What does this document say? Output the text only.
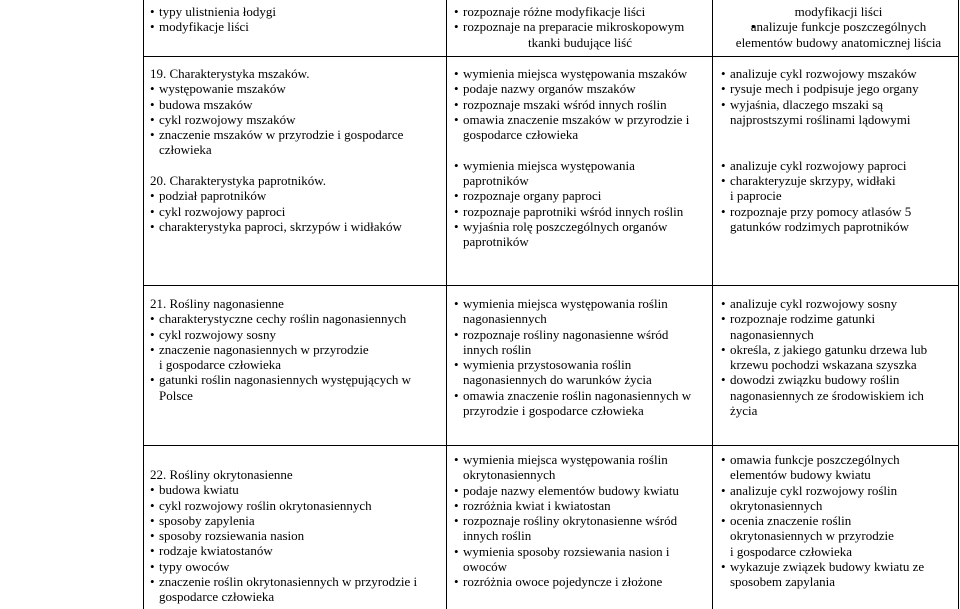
• typy ulistnienia łodygi
• modyfikacje liści
• rozpoznaje różne modyfikacje liści
• rozpoznaje na preparacie mikroskopowym
tkanki budujące liść
modyfikacji liści
• analizuje funkcje poszczególnych
elementów budowy anatomicznej liścia
19. Charakterystyka mszaków.
• występowanie mszaków
• budowa mszaków
• cykl rozwojowy mszaków
• znaczenie mszaków w przyrodzie i gospodarce
człowieka
20. Charakterystyka paprotników.
• podział paprotników
• cykl rozwojowy paproci
• charakterystyka paproci, skrzypów i widłaków
• wymienia miejsca występowania mszaków
• podaje nazwy organów mszaków
• rozpoznaje mszaki wśród innych roślin
• omawia znaczenie mszaków w przyrodzie i
gospodarce człowieka
• wymienia miejsca występowania
paprotników
• rozpoznaje organy paproci
• rozpoznaje paprotniki wśród innych roślin
• wyjaśnia rolę poszczególnych organów
paprotników
• analizuje cykl rozwojowy mszaków
• rysuje mech i podpisuje jego organy
• wyjaśnia, dlaczego mszaki są
najprostszymi roślinami lądowymi
• analizuje cykl rozwojowy paproci
• charakteryzuje skrzypy, widłaki
i paprocie
• rozpoznaje przy pomocy atlasów 5
gatunków rodzimych paprotników
21. Rośliny nagonasienne
• charakterystyczne cechy roślin nagonasiennych
• cykl rozwojowy sosny
• znaczenie nagonasiennych w przyrodzie
i gospodarce człowieka
• gatunki roślin nagonasiennych występujących w
Polsce
• wymienia miejsca występowania roślin
nagonasiennych
• rozpoznaje rośliny nagonasienne wśród
innych roślin
• wymienia przystosowania roślin
nagonasiennych do warunków życia
• omawia znaczenie roślin nagonasiennych w
przyrodzie i gospodarce człowieka
• analizuje cykl rozwojowy sosny
• rozpoznaje rodzime gatunki
nagonasiennych
• określa, z jakiego gatunku drzewa lub
krzewu pochodzi wskazana szyszka
• dowodzi związku budowy roślin
nagonasiennych ze środowiskiem ich
życia
22. Rośliny okrytonasienne
• budowa kwiatu
• cykl rozwojowy roślin okrytonasiennych
• sposoby zapylenia
• sposoby rozsiewania nasion
• rodzaje kwiatostanów
• typy owoców
• znaczenie roślin okrytonasiennych w przyrodzie i
gospodarce człowieka
• wymienia miejsca występowania roślin
okrytonasiennych
• podaje nazwy elementów budowy kwiatu
• rozróżnia kwiat i kwiatostan
• rozpoznaje rośliny okrytonasienne wśród
innych roślin
• wymienia sposoby rozsiewania nasion i
owoców
• rozróżnia owoce pojedyncze i złożone
• omawia funkcje poszczególnych
elementów budowy kwiatu
• analizuje cykl rozwojowy roślin
okrytonasiennych
• ocenia znaczenie roślin
okrytonasiennych w przyrodzie
i gospodarce człowieka
• wykazuje związek budowy kwiatu ze
sposobem zapylania
